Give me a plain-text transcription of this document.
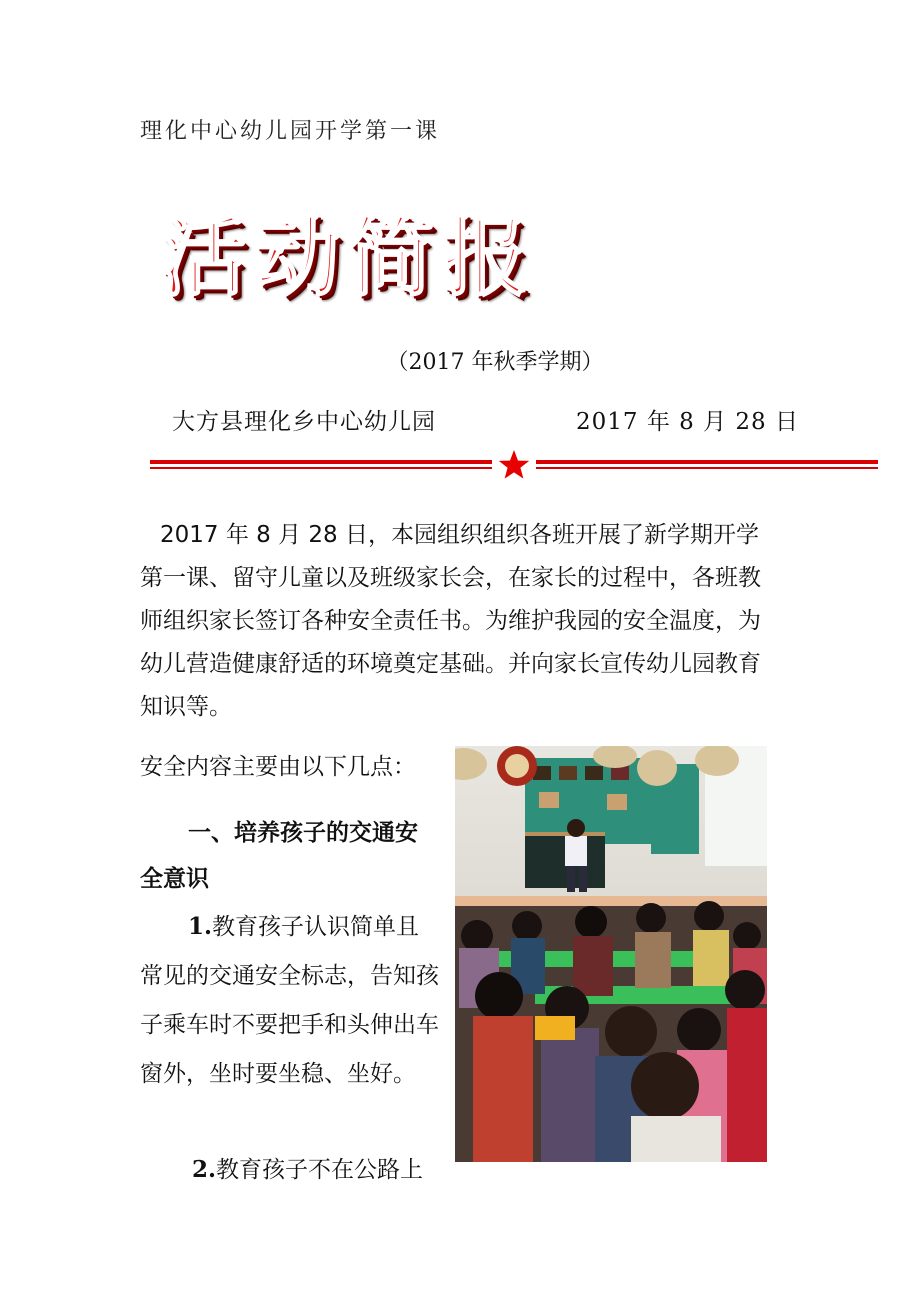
理化中心幼儿园开学第一课
活动简报
（2017 年秋季学期）
大方县理化乡中心幼儿园	2017 年 8 月 28 日
2017 年 8 月 28 日，本园组织组织各班开展了新学期开学第一课、留守儿童以及班级家长会，在家长的过程中，各班教师组织家长签订各种安全责任书。为维护我园的安全温度，为幼儿营造健康舒适的环境奠定基础。并向家长宣传幼儿园教育知识等。
安全内容主要由以下几点：
一、培养孩子的交通安全意识
1.教育孩子认识简单且常见的交通安全标志，告知孩子乘车时不要把手和头伸出车窗外，坐时要坐稳、坐好。
2.教育孩子不在公路上
